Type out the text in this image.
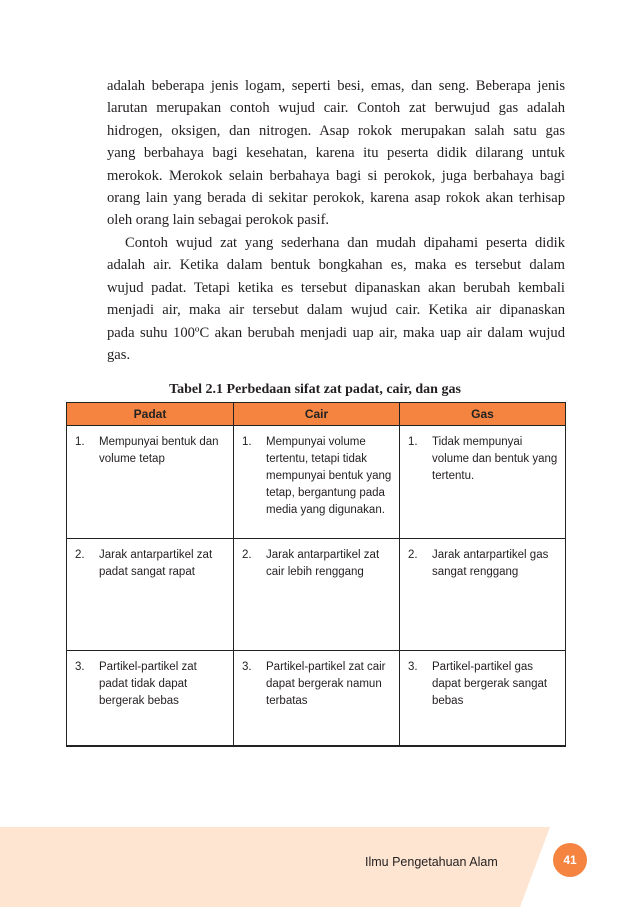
adalah beberapa jenis logam, seperti besi, emas, dan seng. Beberapa jenis
larutan merupakan contoh wujud cair. Contoh zat berwujud gas adalah
hidrogen, oksigen, dan nitrogen. Asap rokok merupakan salah satu gas
yang berbahaya bagi kesehatan, karena itu peserta didik dilarang untuk
merokok. Merokok selain berbahaya bagi si perokok, juga berbahaya bagi
orang lain yang berada di sekitar perokok, karena asap rokok akan terhisap
oleh orang lain sebagai perokok pasif.
Contoh wujud zat yang sederhana dan mudah dipahami peserta didik
adalah air. Ketika dalam bentuk bongkahan es, maka es tersebut dalam
wujud padat. Tetapi ketika es tersebut dipanaskan akan berubah kembali
menjadi air, maka air tersebut dalam wujud cair. Ketika air dipanaskan
pada suhu 100ºC akan berubah menjadi uap air, maka uap air dalam wujud
gas.

Tabel 2.1 Perbedaan sifat zat padat, cair, dan gas

Padat	Cair	Gas

1. Mempunyai bentuk dan volume tetap	1. Mempunyai volume tertentu, tetapi tidak mempunyai bentuk yang tetap, bergantung pada media yang digunakan.	1. Tidak mempunyai volume dan bentuk yang tertentu.

2. Jarak antarpartikel zat padat sangat rapat	2. Jarak antarpartikel zat cair lebih renggang	2. Jarak antarpartikel gas sangat renggang

3. Partikel-partikel zat padat tidak dapat bergerak bebas	3. Partikel-partikel zat cair dapat bergerak namun terbatas	3. Partikel-partikel gas dapat bergerak sangat bebas
Ilmu Pengetahuan Alam	41
